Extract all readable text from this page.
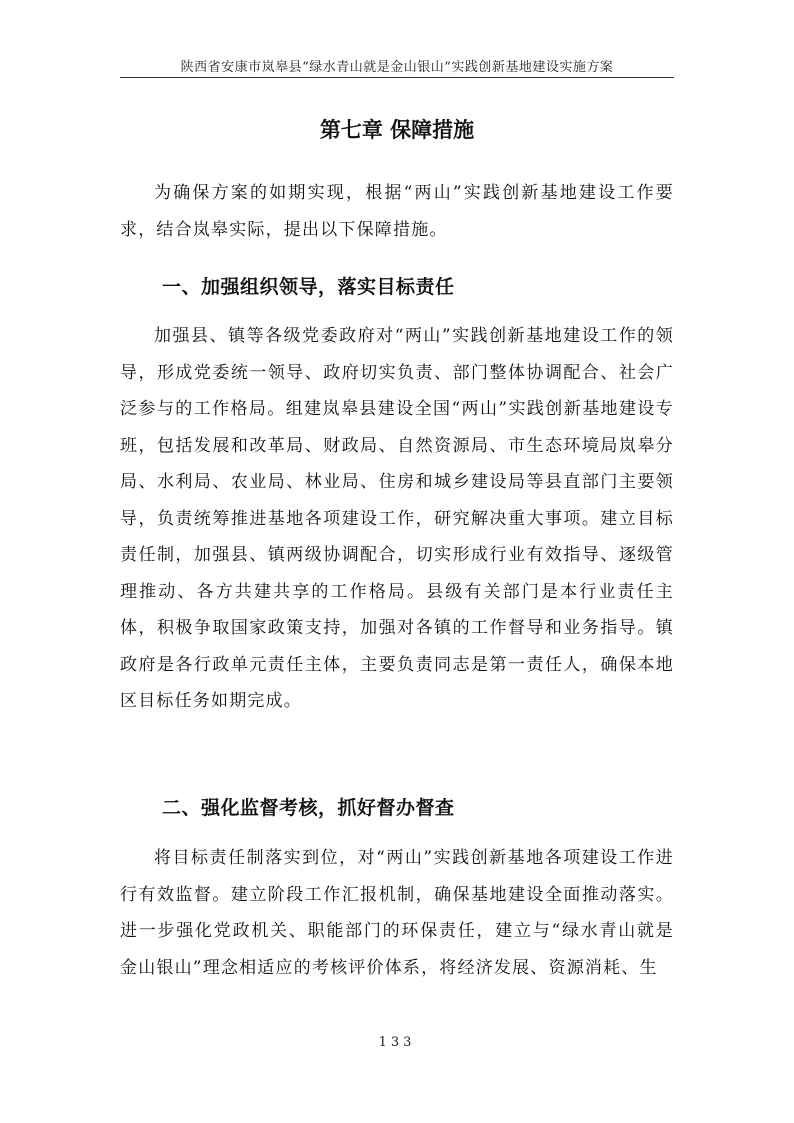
陕西省安康市岚皋县“绿水青山就是金山银山”实践创新基地建设实施方案
第七章 保障措施

为确保方案的如期实现，根据“两山”实践创新基地建设工作要求，结合岚皋实际，提出以下保障措施。

一、加强组织领导，落实目标责任

加强县、镇等各级党委政府对“两山”实践创新基地建设工作的领导，形成党委统一领导、政府切实负责、部门整体协调配合、社会广泛参与的工作格局。组建岚皋县建设全国“两山”实践创新基地建设专班，包括发展和改革局、财政局、自然资源局、市生态环境局岚皋分局、水利局、农业局、林业局、住房和城乡建设局等县直部门主要领导，负责统筹推进基地各项建设工作，研究解决重大事项。建立目标责任制，加强县、镇两级协调配合，切实形成行业有效指导、逐级管理推动、各方共建共享的工作格局。县级有关部门是本行业责任主体，积极争取国家政策支持，加强对各镇的工作督导和业务指导。镇政府是各行政单元责任主体，主要负责同志是第一责任人，确保本地区目标任务如期完成。

二、强化监督考核，抓好督办督查

将目标责任制落实到位，对“两山”实践创新基地各项建设工作进行有效监督。建立阶段工作汇报机制，确保基地建设全面推动落实。进一步强化党政机关、职能部门的环保责任，建立与“绿水青山就是金山银山”理念相适应的考核评价体系，将经济发展、资源消耗、生

133
